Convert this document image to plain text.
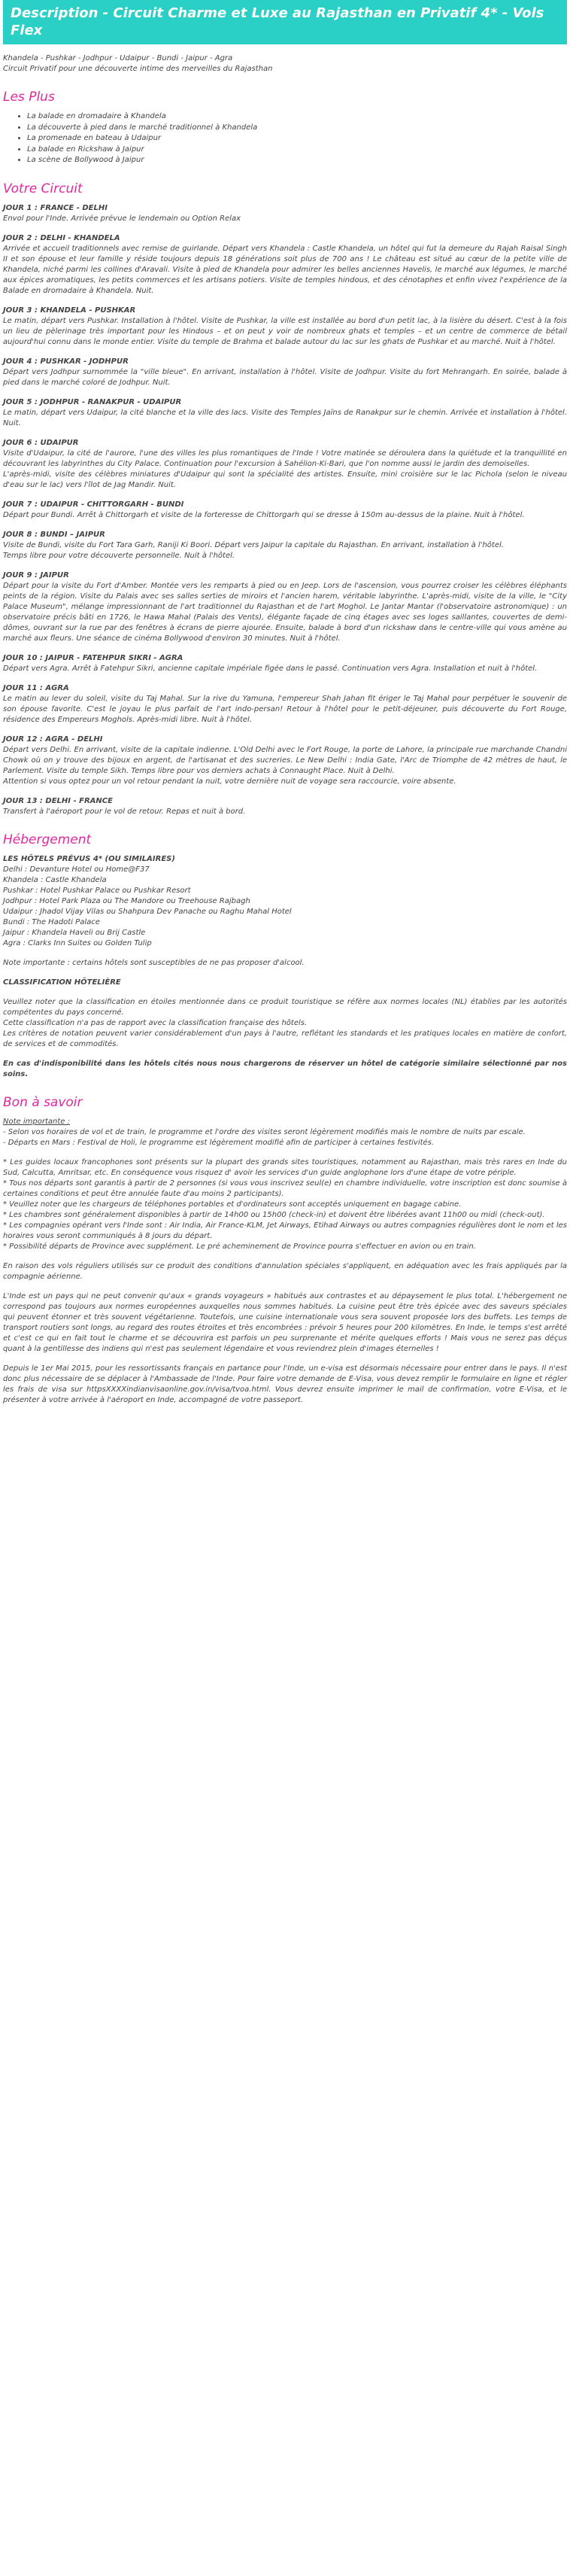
Description - Circuit Charme et Luxe au Rajasthan en Privatif 4* - Vols Flex

Khandela - Pushkar - Jodhpur - Udaipur - Bundi - Jaipur - Agra

Circuit Privatif pour une découverte intime des merveilles du Rajasthan

Les Plus
• La balade en dromadaire à Khandela
• La découverte à pied dans le marché traditionnel à Khandela
• La promenade en bateau à Udaipur
• La balade en Rickshaw à Jaipur
• La scène de Bollywood à Jaipur
Votre Circuit
JOUR 1 : FRANCE - DELHI

Envol pour l'Inde. Arrivée prévue le lendemain ou Option Relax

JOUR 2 : DELHI - KHANDELA

Arrivée et accueil traditionnels avec remise de guirlande. Départ vers Khandela : Castle Khandela, un hôtel qui fut la demeure du Rajah Raisal Singh II et son épouse et leur famille y réside toujours depuis 18 générations soit plus de 700 ans ! Le château est situé au cœur de la petite ville de Khandela, niché parmi les collines d'Aravali. Visite à pied de Khandela pour admirer les belles anciennes Havelis, le marché aux légumes, le marché aux épices aromatiques, les petits commerces et les artisans potiers. Visite de temples hindous, et des cénotaphes et enfin vivez l'expérience de la Balade en dromadaire à Khandela. Nuit.

JOUR 3 : KHANDELA - PUSHKAR

Le matin, départ vers Pushkar. Installation à l'hôtel. Visite de Pushkar, la ville est installée au bord d'un petit lac, à la lisière du désert. C'est à la fois un lieu de pèlerinage très important pour les Hindous – et on peut y voir de nombreux ghats et temples – et un centre de commerce de bétail aujourd'hui connu dans le monde entier. Visite du temple de Brahma et balade autour du lac sur les ghats de Pushkar et au marché. Nuit à l'hôtel.

JOUR 4 : PUSHKAR - JODHPUR

Départ vers Jodhpur surnommée la "ville bleue". En arrivant, installation à l'hôtel. Visite de Jodhpur. Visite du fort Mehrangarh. En soirée, balade à pied dans le marché coloré de Jodhpur. Nuit.

JOUR 5 : JODHPUR - RANAKPUR - UDAIPUR

Le matin, départ vers Udaipur, la cité blanche et la ville des lacs. Visite des Temples Jaïns de Ranakpur sur le chemin. Arrivée et installation à l'hôtel. Nuit.

JOUR 6 : UDAIPUR

Visite d'Udaipur, la cité de l'aurore, l'une des villes les plus romantiques de l'Inde ! Votre matinée se déroulera dans la quiétude et la tranquillité en découvrant les labyrinthes du City Palace. Continuation pour l'excursion à Sahélion-Ki-Bari, que l'on nomme aussi le jardin des demoiselles.

L'après-midi, visite des célèbres miniatures d'Udaipur qui sont la spécialité des artistes. Ensuite, mini croisière sur le lac Pichola (selon le niveau d'eau sur le lac) vers l'îlot de Jag Mandir. Nuit.

JOUR 7 : UDAIPUR - CHITTORGARH - BUNDI

Départ pour Bundi. Arrêt à Chittorgarh et visite de la forteresse de Chittorgarh qui se dresse à 150m au-dessus de la plaine. Nuit à l'hôtel.

JOUR 8 : BUNDI – JAIPUR

Visite de Bundi, visite du Fort Tara Garh, Raniji Ki Boori. Départ vers Jaipur la capitale du Rajasthan. En arrivant, installation à l'hôtel.

Temps libre pour votre découverte personnelle. Nuit à l'hôtel.

JOUR 9 : JAIPUR

Départ pour la visite du Fort d'Amber. Montée vers les remparts à pied ou en Jeep. Lors de l'ascension, vous pourrez croiser les célèbres éléphants peints de la région. Visite du Palais avec ses salles serties de miroirs et l'ancien harem, véritable labyrinthe. L'après-midi, visite de la ville, le "City Palace Museum", mélange impressionnant de l'art traditionnel du Rajasthan et de l'art Moghol. Le Jantar Mantar (l'observatoire astronomique) : un observatoire précis bâti en 1726, le Hawa Mahal (Palais des Vents), élégante façade de cinq étages avec ses loges saillantes, couvertes de demi-dômes, ouvrant sur la rue par des fenêtres à écrans de pierre ajourée. Ensuite, balade à bord d'un rickshaw dans le centre-ville qui vous amène au marché aux fleurs. Une séance de cinéma Bollywood d'environ 30 minutes. Nuit à l'hôtel.

JOUR 10 : JAIPUR - FATEHPUR SIKRI - AGRA

Départ vers Agra. Arrêt à Fatehpur Sikri, ancienne capitale impériale figée dans le passé. Continuation vers Agra. Installation et nuit à l'hôtel.

JOUR 11 : AGRA

Le matin au lever du soleil, visite du Taj Mahal. Sur la rive du Yamuna, l'empereur Shah Jahan fit ériger le Taj Mahal pour perpétuer le souvenir de son épouse favorite. C'est le joyau le plus parfait de l'art indo-persan! Retour à l'hôtel pour le petit-déjeuner, puis découverte du Fort Rouge, résidence des Empereurs Moghols. Après-midi libre. Nuit à l'hôtel.

JOUR 12 : AGRA - DELHI

Départ vers Delhi. En arrivant, visite de la capitale indienne. L'Old Delhi avec le Fort Rouge, la porte de Lahore, la principale rue marchande Chandni Chowk où on y trouve des bijoux en argent, de l'artisanat et des sucreries. Le New Delhi : India Gate, l'Arc de Triomphe de 42 mètres de haut, le Parlement. Visite du temple Sikh. Temps libre pour vos derniers achats à Connaught Place. Nuit à Delhi.

Attention si vous optez pour un vol retour pendant la nuit, votre dernière nuit de voyage sera raccourcie, voire absente.

JOUR 13 : DELHI - FRANCE

Transfert à l'aéroport pour le vol de retour. Repas et nuit à bord.

Hébergement

LES HÔTELS PRÉVUS 4* (OU SIMILAIRES)

Delhi : Devanture Hotel ou Home@F37

Khandela : Castle Khandela

Pushkar : Hotel Pushkar Palace ou Pushkar Resort

Jodhpur : Hotel Park Plaza ou The Mandore ou Treehouse Rajbagh

Udaipur : Jhadol Vijay Vilas ou Shahpura Dev Panache ou Raghu Mahal Hotel

Bundi : The Hadoti Palace

Jaipur : Khandela Haveli ou Brij Castle

Agra : Clarks Inn Suites ou Golden Tulip

Note importante : certains hôtels sont susceptibles de ne pas proposer d'alcool.

CLASSIFICATION HÔTELIÈRE

Veuillez noter que la classification en étoiles mentionnée dans ce produit touristique se réfère aux normes locales (NL) établies par les autorités compétentes du pays concerné.

Cette classification n'a pas de rapport avec la classification française des hôtels.

Les critères de notation peuvent varier considérablement d'un pays à l'autre, reflétant les standards et les pratiques locales en matière de confort, de services et de commodités.

En cas d'indisponibilité dans les hôtels cités nous nous chargerons de réserver un hôtel de catégorie similaire sélectionné par nos soins.

Bon à savoir

Note importante :

- Selon vos horaires de vol et de train, le programme et l'ordre des visites seront légèrement modifiés mais le nombre de nuits par escale.

- Départs en Mars : Festival de Holi, le programme est légèrement modifié afin de participer à certaines festivités.

* Les guides locaux francophones sont présents sur la plupart des grands sites touristiques, notamment au Rajasthan, mais très rares en Inde du Sud, Calcutta, Amritsar, etc. En conséquence vous risquez d' avoir les services d'un guide anglophone lors d'une étape de votre périple.

* Tous nos départs sont garantis à partir de 2 personnes (si vous vous inscrivez seul(e) en chambre individuelle, votre inscription est donc soumise à certaines conditions et peut être annulée faute d'au moins 2 participants).

* Veuillez noter que les chargeurs de téléphones portables et d'ordinateurs sont acceptés uniquement en bagage cabine.

* Les chambres sont généralement disponibles à partir de 14h00 ou 15h00 (check-in) et doivent être libérées avant 11h00 ou midi (check-out).

* Les compagnies opérant vers l'Inde sont : Air India, Air France-KLM, Jet Airways, Etihad Airways ou autres compagnies régulières dont le nom et les horaires vous seront communiqués à 8 jours du départ.

* Possibilité départs de Province avec supplément. Le pré acheminement de Province pourra s'effectuer en avion ou en train.

En raison des vols réguliers utilisés sur ce produit des conditions d'annulation spéciales s'appliquent, en adéquation avec les frais appliqués par la compagnie aérienne.

L'Inde est un pays qui ne peut convenir qu'aux « grands voyageurs » habitués aux contrastes et au dépaysement le plus total. L'hébergement ne correspond pas toujours aux normes européennes auxquelles nous sommes habitués. La cuisine peut être très épicée avec des saveurs spéciales qui peuvent étonner et très souvent végétarienne. Toutefois, une cuisine internationale vous sera souvent proposée lors des buffets. Les temps de transport routiers sont longs, au regard des routes étroites et très encombrées : prévoir 5 heures pour 200 kilomètres. En Inde, le temps s'est arrêté et c'est ce qui en fait tout le charme et se découvrira est parfois un peu surprenante et mérite quelques efforts ! Mais vous ne serez pas déçus quant à la gentillesse des indiens qui n'est pas seulement légendaire et vous reviendrez plein d'images éternelles !

Depuis le 1er Mai 2015, pour les ressortissants français en partance pour l'Inde, un e-visa est désormais nécessaire pour entrer dans le pays. Il n'est donc plus nécessaire de se déplacer à l'Ambassade de l'Inde. Pour faire votre demande de E-Visa, vous devez remplir le formulaire en ligne et régler les frais de visa sur httpsXXXXindianvisaonline.gov.in/visa/tvoa.html. Vous devrez ensuite imprimer le mail de confirmation, votre E-Visa, et le présenter à votre arrivée à l'aéroport en Inde, accompagné de votre passeport.
